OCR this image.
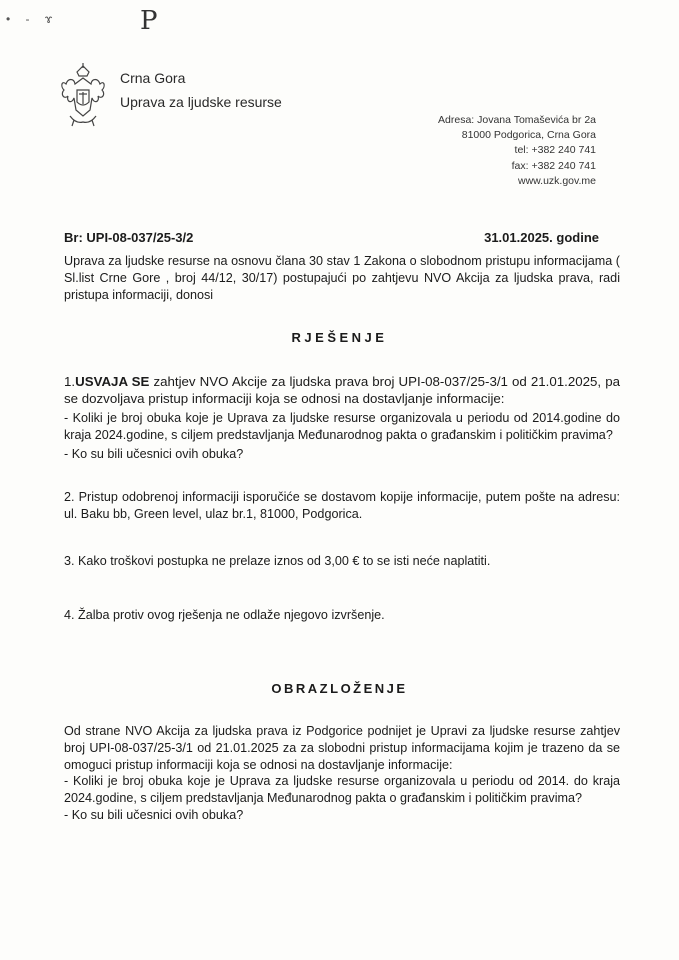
• - ɤ	P
Crna Gora
Uprava za ljudske resurse
Adresa: Jovana Tomaševića br 2a
81000 Podgorica, Crna Gora
tel: +382 240 741
fax: +382 240 741
www.uzk.gov.me
Br: UPI-08-037/25-3/2	31.01.2025. godine
Uprava za ljudske resurse na osnovu člana 30 stav 1 Zakona o slobodnom pristupu informacijama ( Sl.list Crne Gore , broj 44/12, 30/17) postupajući po zahtjevu NVO Akcija za ljudska prava, radi pristupa informaciji, donosi
RJEŠENJE
1.USVAJA SE zahtjev NVO Akcije za ljudska prava broj UPI-08-037/25-3/1 od 21.01.2025, pa se dozvoljava pristup informaciji koja se odnosi na dostavljanje informacije:
- Koliki je broj obuka koje je Uprava za ljudske resurse organizovala u periodu od 2014.godine do kraja 2024.godine, s ciljem predstavljanja Međunarodnog pakta o građanskim i političkim pravima?
- Ko su bili učesnici ovih obuka?
2. Pristup odobrenoj informaciji isporučiće se dostavom kopije informacije, putem pošte na adresu: ul. Baku bb, Green level, ulaz br.1, 81000, Podgorica.
3. Kako troškovi postupka ne prelaze iznos od 3,00 € to se isti neće naplatiti.
4. Žalba protiv ovog rješenja ne odlaže njegovo izvršenje.
OBRAZLOŽENJE
Od strane NVO Akcija za ljudska prava iz Podgorice podnijet je Upravi za ljudske resurse zahtjev broj UPI-08-037/25-3/1 od 21.01.2025 za za slobodni pristup informacijama kojim je trazeno da se omoguci pristup informaciji koja se odnosi na dostavljanje informacije:
- Koliki je broj obuka koje je Uprava za ljudske resurse organizovala u periodu od 2014. do kraja 2024.godine, s ciljem predstavljanja Međunarodnog pakta o građanskim i političkim pravima?
- Ko su bili učesnici ovih obuka?
